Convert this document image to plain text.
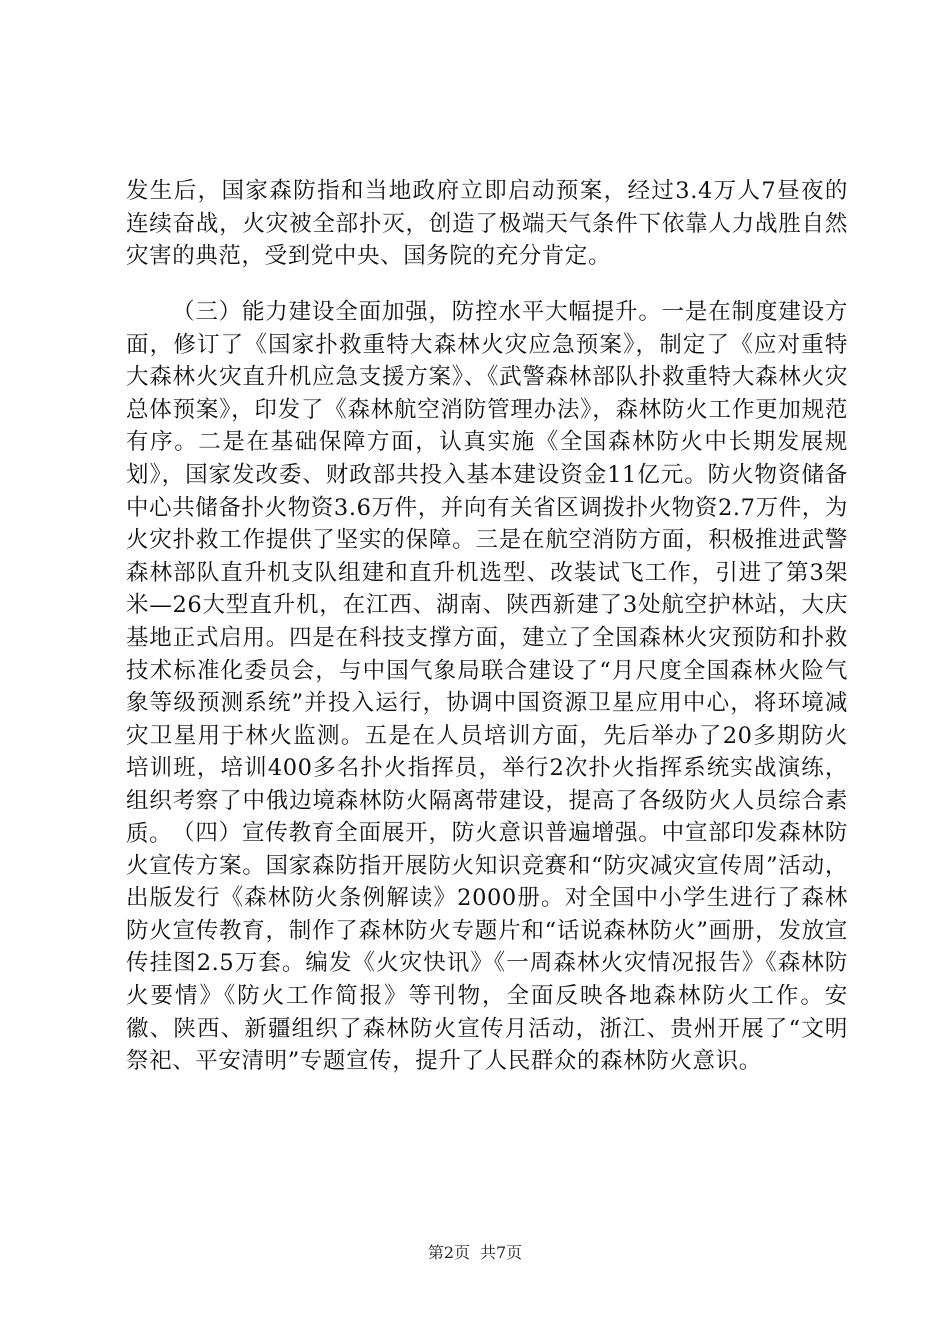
发生后，国家森防指和当地政府立即启动预案，经过3.4万人7昼夜的连续奋战，火灾被全部扑灭，创造了极端天气条件下依靠人力战胜自然灾害的典范，受到党中央、国务院的充分肯定。

（三）能力建设全面加强，防控水平大幅提升。一是在制度建设方面，修订了《国家扑救重特大森林火灾应急预案》，制定了《应对重特大森林火灾直升机应急支援方案》、《武警森林部队扑救重特大森林火灾总体预案》，印发了《森林航空消防管理办法》，森林防火工作更加规范有序。二是在基础保障方面，认真实施《全国森林防火中长期发展规划》，国家发改委、财政部共投入基本建设资金11亿元。防火物资储备中心共储备扑火物资3.6万件，并向有关省区调拨扑火物资2.7万件，为火灾扑救工作提供了坚实的保障。三是在航空消防方面，积极推进武警森林部队直升机支队组建和直升机选型、改装试飞工作，引进了第3架米—26大型直升机，在江西、湖南、陕西新建了3处航空护林站，大庆基地正式启用。四是在科技支撑方面，建立了全国森林火灾预防和扑救技术标准化委员会，与中国气象局联合建设了“月尺度全国森林火险气象等级预测系统”并投入运行，协调中国资源卫星应用中心，将环境减灾卫星用于林火监测。五是在人员培训方面，先后举办了20多期防火培训班，培训400多名扑火指挥员，举行2次扑火指挥系统实战演练，组织考察了中俄边境森林防火隔离带建设，提高了各级防火人员综合素质。 （四）宣传教育全面展开，防火意识普遍增强。中宣部印发森林防火宣传方案。国家森防指开展防火知识竞赛和“防灾减灾宣传周”活动，出版发行《森林防火条例解读》2000册。对全国中小学生进行了森林防火宣传教育，制作了森林防火专题片和“话说森林防火”画册，发放宣传挂图2.5万套。编发《火灾快讯》《一周森林火灾情况报告》《森林防火要情》《防火工作简报》等刊物，全面反映各地森林防火工作。安徽、陕西、新疆组织了森林防火宣传月活动，浙江、贵州开展了“文明祭祀、平安清明”专题宣传，提升了人民群众的森林防火意识。

第2页 共7页
